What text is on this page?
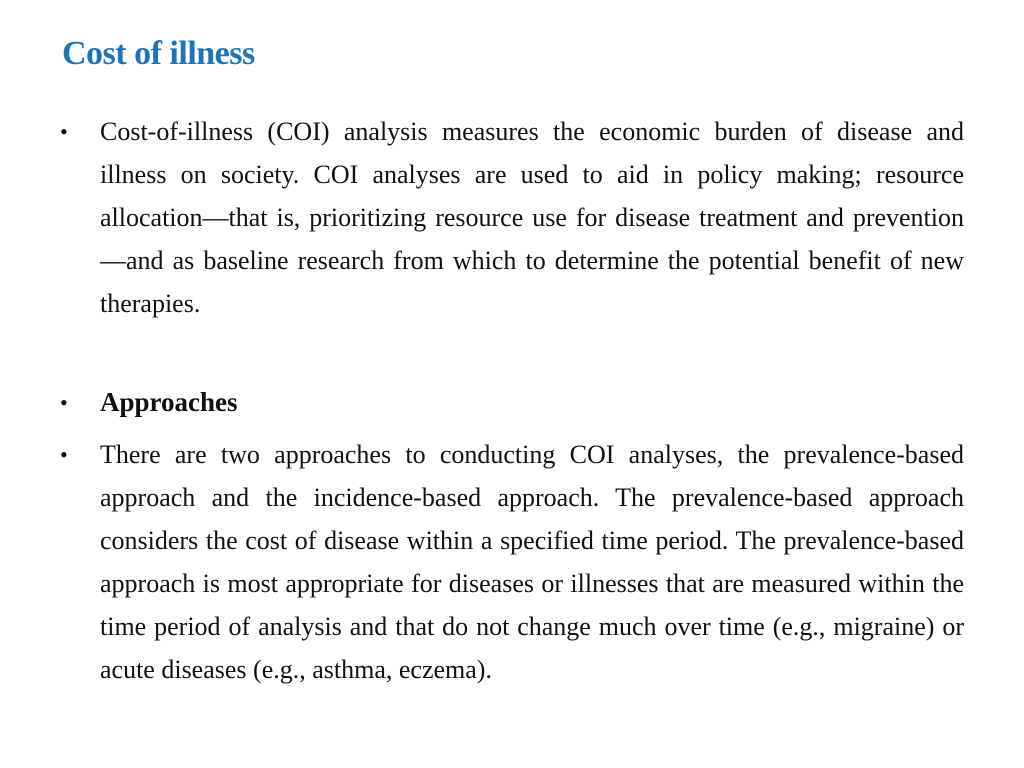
Cost of illness
• Cost-of-illness (COI) analysis measures the economic burden of disease and illness on society. COI analyses are used to aid in policy making; resource allocation—that is, prioritizing resource use for disease treatment and prevention—and as baseline research from which to determine the potential benefit of new therapies.
• Approaches
• There are two approaches to conducting COI analyses, the prevalence-based approach and the incidence-based approach. The prevalence-based approach considers the cost of disease within a specified time period. The prevalence-based approach is most appropriate for diseases or illnesses that are measured within the time period of analysis and that do not change much over time (e.g., migraine) or acute diseases (e.g., asthma, eczema).
